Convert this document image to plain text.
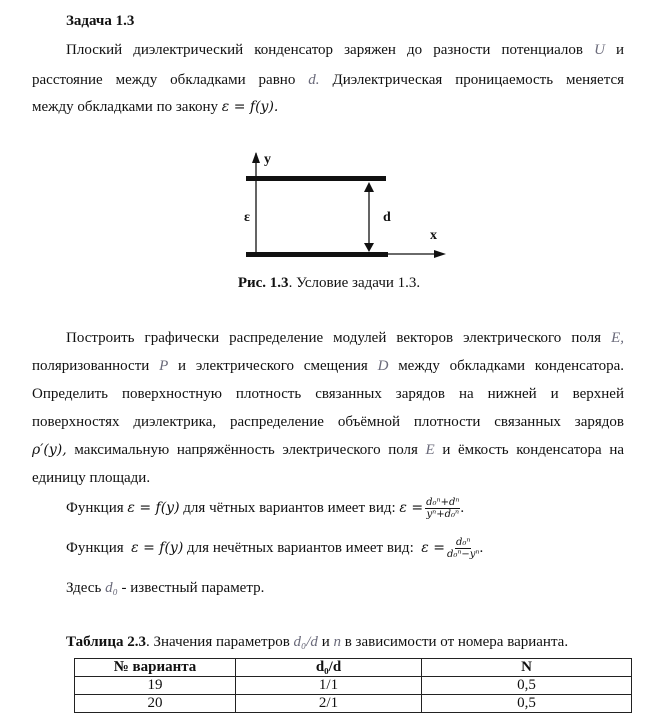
Задача 1.3
Плоский диэлектрический конденсатор заряжен до разности потенциалов U и
расстояние между обкладками равно d. Диэлектрическая проницаемость меняется
между обкладками по закону ε = f(y).
y
x
ε	d
Рис. 1.3. Условие задачи 1.3.
Построить графически распределение модулей векторов электрического поля E,
поляризованности P и электрического смещения D между обкладками конденсатора.
Определить поверхностную плотность связанных зарядов на нижней и верхней
поверхностях диэлектрика, распределение объёмной плотности связанных зарядов
ρ′(y), максимальную напряжённость электрического поля E и ёмкость конденсатора на
единицу площади.
Функция ε = f(y) для чётных вариантов имеет вид: $\varepsilon = \frac{\text{d₀ⁿ+dⁿ}}{\text{yⁿ+d₀ⁿ}}$ .
Функция ε = f(y) для нечётных вариантов имеет вид: $\varepsilon = \frac{\text{d₀ⁿ}}{\text{d₀ⁿ−yⁿ}}$ .
Здесь d₀ - известный параметр.
Таблица 2.3. Значения параметров d₀/d и n в зависимости от номера варианта.
№ варианта	d₀/d	N
19	1/1	0,5
20	2/1	0,5
